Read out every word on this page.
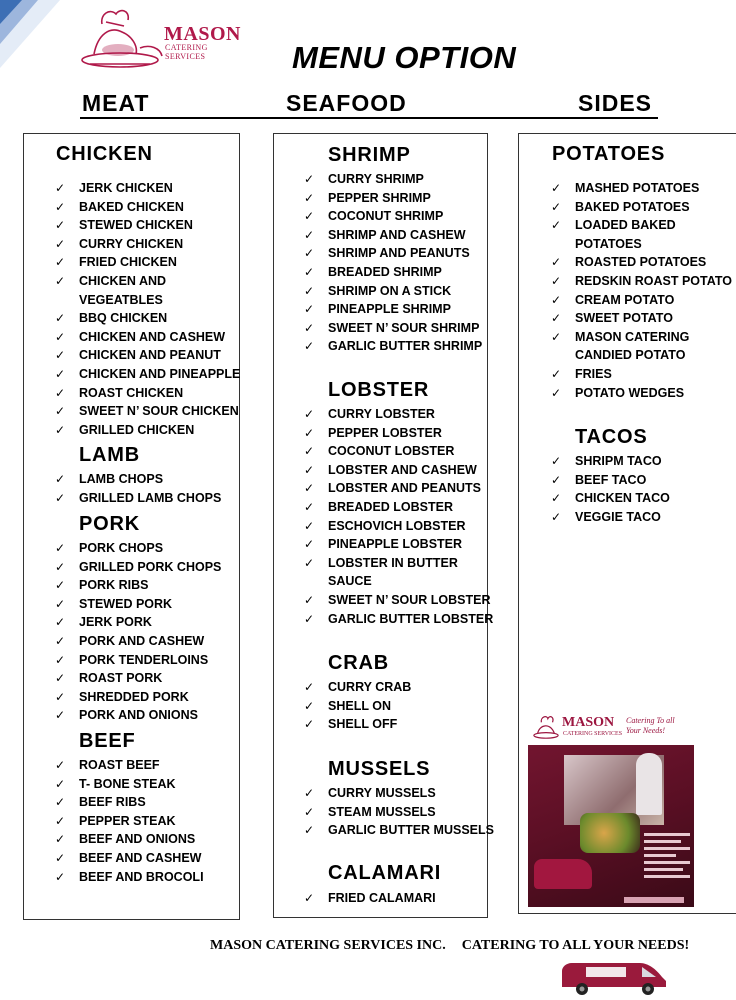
MASON
CATERING SERVICES	MENU OPTION
MEAT	SEAFOOD	SIDES
CHICKEN
✓ JERK CHICKEN
✓ BAKED CHICKEN
✓ STEWED CHICKEN
✓ CURRY CHICKEN
✓ FRIED CHICKEN
✓ CHICKEN AND
VEGEATBLES
✓ BBQ CHICKEN
✓ CHICKEN AND CASHEW
✓ CHICKEN AND PEANUT
✓ CHICKEN AND PINEAPPLE
✓ ROAST CHICKEN
✓ SWEET N’ SOUR CHICKEN
✓ GRILLED CHICKEN
LAMB
✓ LAMB CHOPS
✓ GRILLED LAMB CHOPS
PORK
✓ PORK CHOPS
✓ GRILLED PORK CHOPS
✓ PORK RIBS
✓ STEWED PORK
✓ JERK PORK
✓ PORK AND CASHEW
✓ PORK TENDERLOINS
✓ ROAST PORK
✓ SHREDDED PORK
✓ PORK AND ONIONS
BEEF
✓ ROAST BEEF
✓ T- BONE STEAK
✓ BEEF RIBS
✓ PEPPER STEAK
✓ BEEF AND ONIONS
✓ BEEF AND CASHEW
✓ BEEF AND BROCOLI
SHRIMP
✓ CURRY SHRIMP
✓ PEPPER SHRIMP
✓ COCONUT SHRIMP
✓ SHRIMP AND CASHEW
✓ SHRIMP AND PEANUTS
✓ BREADED SHRIMP
✓ SHRIMP ON A STICK
✓ PINEAPPLE SHRIMP
✓ SWEET N’ SOUR SHRIMP
✓ GARLIC BUTTER SHRIMP
LOBSTER
✓ CURRY LOBSTER
✓ PEPPER LOBSTER
✓ COCONUT LOBSTER
✓ LOBSTER AND CASHEW
✓ LOBSTER AND PEANUTS
✓ BREADED LOBSTER
✓ ESCHOVICH LOBSTER
✓ PINEAPPLE LOBSTER
✓ LOBSTER IN BUTTER
SAUCE
✓ SWEET N’ SOUR LOBSTER
✓ GARLIC BUTTER LOBSTER
CRAB
✓ CURRY CRAB
✓ SHELL ON
✓ SHELL OFF
MUSSELS
✓ CURRY MUSSELS
✓ STEAM MUSSELS
✓ GARLIC BUTTER MUSSELS
CALAMARI
✓ FRIED CALAMARI
POTATOES
✓ MASHED POTATOES
✓ BAKED POTATOES
✓ LOADED BAKED
POTATOES
✓ ROASTED POTATOES
✓ REDSKIN ROAST POTATO
✓ CREAM POTATO
✓ SWEET POTATO
✓ MASON CATERING
CANDIED POTATO
✓ FRIES
✓ POTATO WEDGES
TACOS
✓ SHRIPM TACO
✓ BEEF TACO
✓ CHICKEN TACO
✓ VEGGIE TACO
MASON
CATERING SERVICES
Catering To all Your Needs!
MASON CATERING SERVICES INC. CATERING TO ALL YOUR NEEDS!
